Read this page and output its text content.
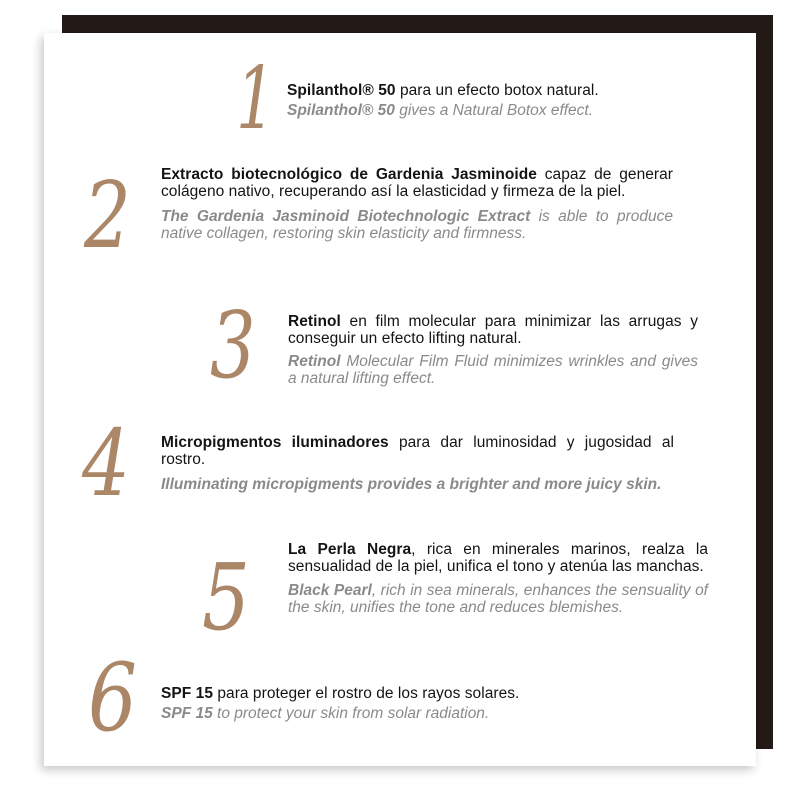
1 Spilanthol® 50 para un efecto botox natural.
Spilanthol® 50 gives a Natural Botox effect.
2 Extracto biotecnológico de Gardenia Jasminoide capaz de generar colágeno nativo, recuperando así la elasticidad y firmeza de la piel.
The Gardenia Jasminoid Biotechnologic Extract is able to produce native collagen, restoring skin elasticity and firmness.
3 Retinol en film molecular para minimizar las arrugas y conseguir un efecto lifting natural.
Retinol Molecular Film Fluid minimizes wrinkles and gives a natural lifting effect.
4 Micropigmentos iluminadores para dar luminosidad y jugosidad al rostro.
Illuminating micropigments provides a brighter and more juicy skin.
5 La Perla Negra, rica en minerales marinos, realza la sensualidad de la piel, unifica el tono y atenúa las manchas.
Black Pearl, rich in sea minerals, enhances the sensuality of the skin, unifies the tone and reduces blemishes.
6 SPF 15 para proteger el rostro de los rayos solares.
SPF 15 to protect your skin from solar radiation.
